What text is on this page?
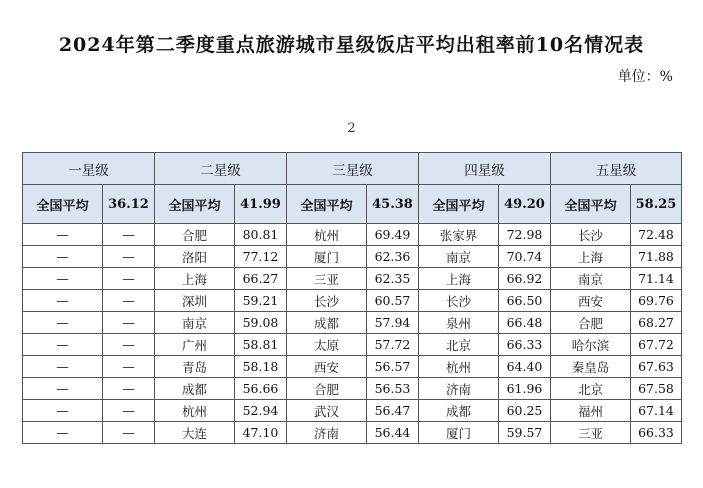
2024年第二季度重点旅游城市星级饭店平均出租率前10名情况表
单位：%
2
一星级		二星级		三星级		四星级		五星级	
全国平均	36.12	全国平均	41.99	全国平均	45.38	全国平均	49.20	全国平均	58.25
—	—	合肥	80.81	杭州	69.49	张家界	72.98	长沙	72.48
—	—	洛阳	77.12	厦门	62.36	南京	70.74	上海	71.88
—	—	上海	66.27	三亚	62.35	上海	66.92	南京	71.14
—	—	深圳	59.21	长沙	60.57	长沙	66.50	西安	69.76
—	—	南京	59.08	成都	57.94	泉州	66.48	合肥	68.27
—	—	广州	58.81	太原	57.72	北京	66.33	哈尔滨	67.72
—	—	青岛	58.18	西安	56.57	杭州	64.40	秦皇岛	67.63
—	—	成都	56.66	合肥	56.53	济南	61.96	北京	67.58
—	—	杭州	52.94	武汉	56.47	成都	60.25	福州	67.14
—	—	大连	47.10	济南	56.44	厦门	59.57	三亚	66.33
